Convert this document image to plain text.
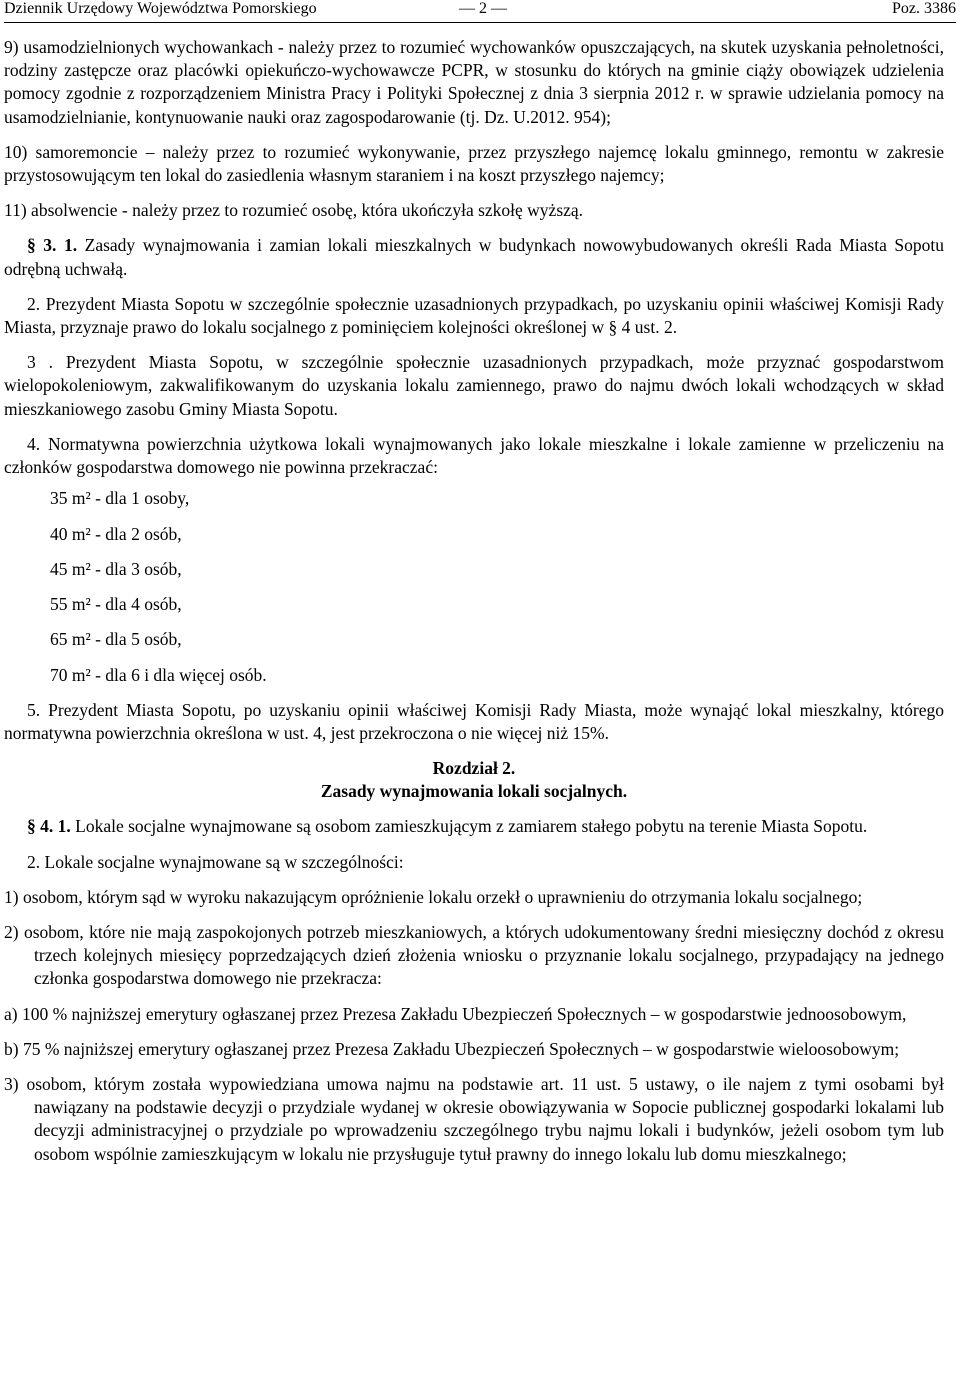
Dziennik Urzędowy Województwa Pomorskiego	— 2 —	Poz. 3386

9) usamodzielnionych wychowankach - należy przez to rozumieć wychowanków opuszczających, na skutek uzyskania pełnoletności, rodziny zastępcze oraz placówki opiekuńczo-wychowawcze PCPR, w stosunku do których na gminie ciąży obowiązek udzielenia pomocy zgodnie z rozporządzeniem Ministra Pracy i Polityki Społecznej z dnia 3 sierpnia 2012 r. w sprawie udzielania pomocy na usamodzielnianie, kontynuowanie nauki oraz zagospodarowanie (tj. Dz. U.2012. 954);

10) samoremoncie – należy przez to rozumieć wykonywanie, przez przyszłego najemcę lokalu gminnego, remontu w zakresie przystosowującym ten lokal do zasiedlenia własnym staraniem i na koszt przyszłego najemcy;

11) absolwencie - należy przez to rozumieć osobę, która ukończyła szkołę wyższą.

§ 3. 1. Zasady wynajmowania i zamian lokali mieszkalnych w budynkach nowowybudowanych określi Rada Miasta Sopotu odrębną uchwałą.

2. Prezydent Miasta Sopotu w szczególnie społecznie uzasadnionych przypadkach, po uzyskaniu opinii właściwej Komisji Rady Miasta, przyznaje prawo do lokalu socjalnego z pominięciem kolejności określonej w § 4 ust. 2.

3 . Prezydent Miasta Sopotu, w szczególnie społecznie uzasadnionych przypadkach, może przyznać gospodarstwom wielopokoleniowym, zakwalifikowanym do uzyskania lokalu zamiennego, prawo do najmu dwóch lokali wchodzących w skład mieszkaniowego zasobu Gminy Miasta Sopotu.

4. Normatywna powierzchnia użytkowa lokali wynajmowanych jako lokale mieszkalne i lokale zamienne w przeliczeniu na członków gospodarstwa domowego nie powinna przekraczać:

35 m² - dla 1 osoby,
40 m² - dla 2 osób,
45 m² - dla 3 osób,
55 m² - dla 4 osób,
65 m² - dla 5 osób,
70 m² - dla 6 i dla więcej osób.

5. Prezydent Miasta Sopotu, po uzyskaniu opinii właściwej Komisji Rady Miasta, może wynająć lokal mieszkalny, którego normatywna powierzchnia określona w ust. 4, jest przekroczona o nie więcej niż 15%.

Rozdział 2.
Zasady wynajmowania lokali socjalnych.

§ 4. 1. Lokale socjalne wynajmowane są osobom zamieszkującym z zamiarem stałego pobytu na terenie Miasta Sopotu.

2. Lokale socjalne wynajmowane są w szczególności:

1) osobom, którym sąd w wyroku nakazującym opróżnienie lokalu orzekł o uprawnieniu do otrzymania lokalu socjalnego;

2) osobom, które nie mają zaspokojonych potrzeb mieszkaniowych, a których udokumentowany średni miesięczny dochód z okresu trzech kolejnych miesięcy poprzedzających dzień złożenia wniosku o przyznanie lokalu socjalnego, przypadający na jednego członka gospodarstwa domowego nie przekracza:

a) 100 % najniższej emerytury ogłaszanej przez Prezesa Zakładu Ubezpieczeń Społecznych – w gospodarstwie jednoosobowym,

b) 75 % najniższej emerytury ogłaszanej przez Prezesa Zakładu Ubezpieczeń Społecznych – w gospodarstwie wieloosobowym;

3) osobom, którym została wypowiedziana umowa najmu na podstawie art. 11 ust. 5 ustawy, o ile najem z tymi osobami był nawiązany na podstawie decyzji o przydziale wydanej w okresie obowiązywania w Sopocie publicznej gospodarki lokalami lub decyzji administracyjnej o przydziale po wprowadzeniu szczególnego trybu najmu lokali i budynków, jeżeli osobom tym lub osobom wspólnie zamieszkującym w lokalu nie przysługuje tytuł prawny do innego lokalu lub domu mieszkalnego;
